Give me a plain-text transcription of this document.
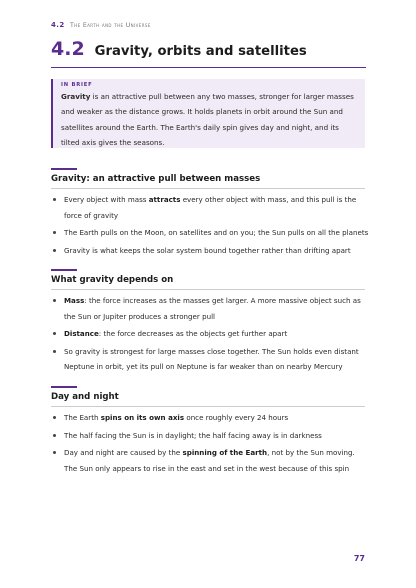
4.2 The Earth and the Universe
4.2 Gravity, orbits and satellites
IN BRIEF
Gravity is an attractive pull between any two masses, stronger for larger masses and weaker as the distance grows. It holds planets in orbit around the Sun and satellites around the Earth. The Earth's daily spin gives day and night, and its tilted axis gives the seasons.
Gravity: an attractive pull between masses
Every object with mass attracts every other object with mass, and this pull is the force of gravity
The Earth pulls on the Moon, on satellites and on you; the Sun pulls on all the planets
Gravity is what keeps the solar system bound together rather than drifting apart
What gravity depends on
Mass: the force increases as the masses get larger. A more massive object such as the Sun or Jupiter produces a stronger pull
Distance: the force decreases as the objects get further apart
So gravity is strongest for large masses close together. The Sun holds even distant Neptune in orbit, yet its pull on Neptune is far weaker than on nearby Mercury
Day and night
The Earth spins on its own axis once roughly every 24 hours
The half facing the Sun is in daylight; the half facing away is in darkness
Day and night are caused by the spinning of the Earth, not by the Sun moving. The Sun only appears to rise in the east and set in the west because of this spin
77
